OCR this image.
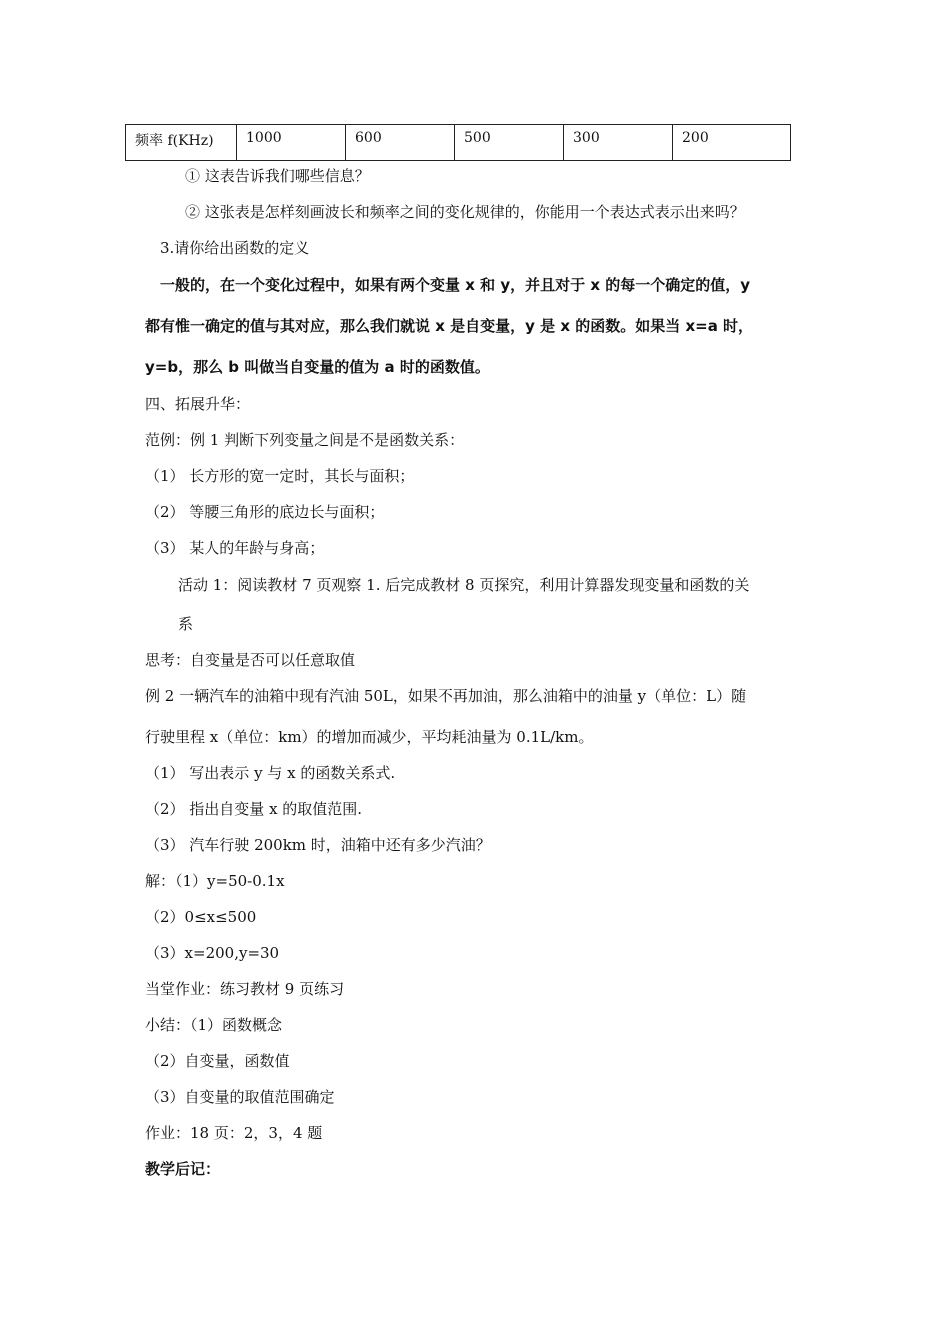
频率 f(KHz)	1000	600	500	300	200
① 这表告诉我们哪些信息？
② 这张表是怎样刻画波长和频率之间的变化规律的，你能用一个表达式表示出来吗？
3.请你给出函数的定义
一般的，在一个变化过程中，如果有两个变量 x 和 y，并且对于 x 的每一个确定的值，y
都有惟一确定的值与其对应，那么我们就说 x 是自变量，y 是 x 的函数。如果当 x=a 时，
y=b，那么 b 叫做当自变量的值为 a 时的函数值。
四、拓展升华：
范例：例 1 判断下列变量之间是不是函数关系：
（1） 长方形的宽一定时，其长与面积；
（2） 等腰三角形的底边长与面积；
（3） 某人的年龄与身高；
活动 1：阅读教材 7 页观察 1. 后完成教材 8 页探究，利用计算器发现变量和函数的关
系
思考：自变量是否可以任意取值
例 2 一辆汽车的油箱中现有汽油 50L，如果不再加油，那么油箱中的油量 y（单位：L）随
行驶里程 x（单位：km）的增加而减少，平均耗油量为 0.1L/km。
（1） 写出表示 y 与 x 的函数关系式.
（2） 指出自变量 x 的取值范围.
（3） 汽车行驶 200km 时，油箱中还有多少汽油？
解：（1）y=50-0.1x
（2）0≤x≤500
（3）x=200,y=30
当堂作业：练习教材 9 页练习
小结：（1）函数概念
（2）自变量，函数值
（3）自变量的取值范围确定
作业：18 页：2，3，4 题
教学后记：
